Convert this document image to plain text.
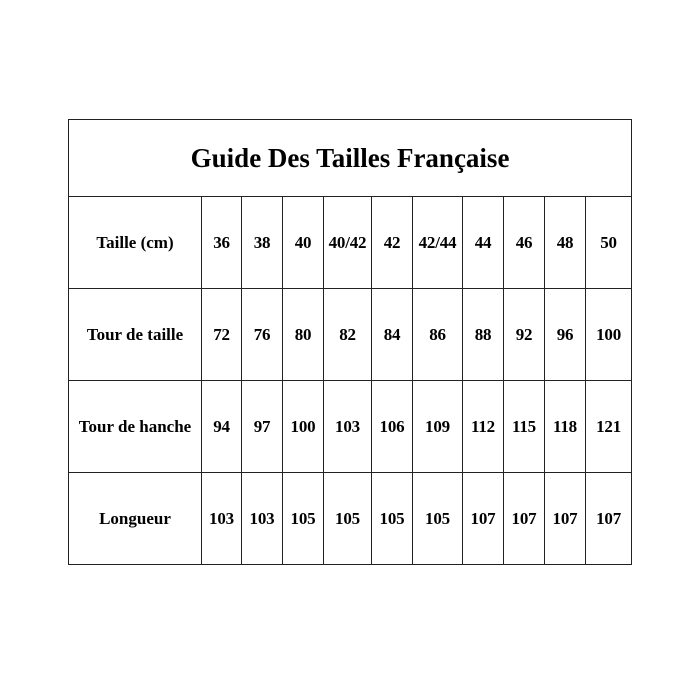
Guide Des Tailles Française										
Taille (cm)	36	38	40	40/42	42	42/44	44	46	48	50
Tour de taille	72	76	80	82	84	86	88	92	96	100
Tour de hanche	94	97	100	103	106	109	112	115	118	121
Longueur	103	103	105	105	105	105	107	107	107	107
